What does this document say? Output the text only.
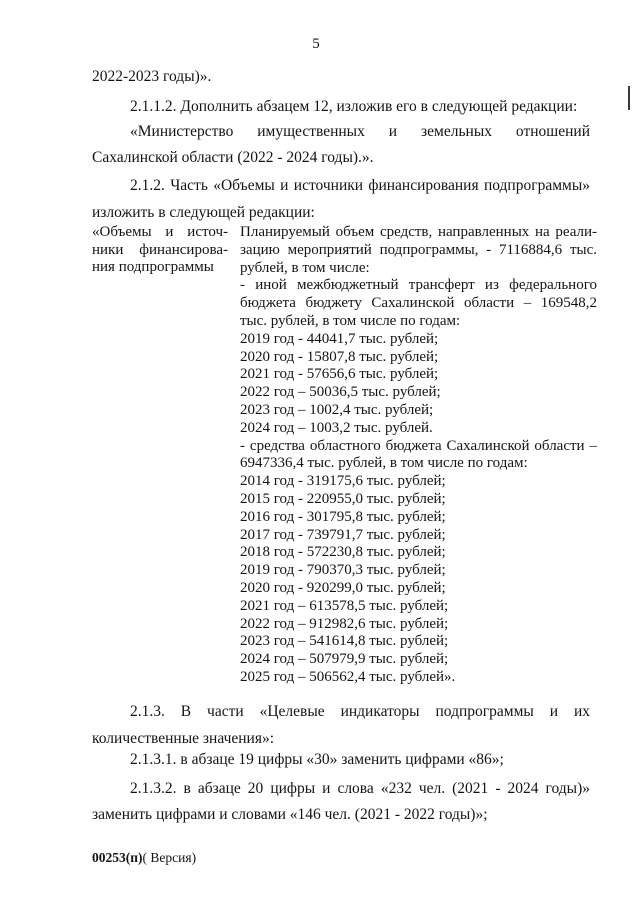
5

2022-2023 годы)».

2.1.1.2. Дополнить абзацем 12, изложив его в следующей редакции:

«Министерство имущественных и земельных отношений Сахалинской области (2022 - 2024 годы).».

2.1.2. Часть «Объемы и источники финансирования подпрограммы» изложить в следующей редакции:

«Объемы и источ-
ники финансирова-
ния подпрограммы
Планируемый объем средств, направленных на реали-
зацию мероприятий подпрограммы, - 7116884,6 тыс.
рублей, в том числе:
- иной межбюджетный трансферт из федерального
бюджета бюджету Сахалинской области – 169548,2
тыс. рублей, в том числе по годам:
2019 год - 44041,7 тыс. рублей;
2020 год - 15807,8 тыс. рублей;
2021 год - 57656,6 тыс. рублей;
2022 год – 50036,5 тыс. рублей;
2023 год – 1002,4 тыс. рублей;
2024 год – 1003,2 тыс. рублей.
- средства областного бюджета Сахалинской области –
6947336,4 тыс. рублей, в том числе по годам:
2014 год - 319175,6 тыс. рублей;
2015 год - 220955,0 тыс. рублей;
2016 год - 301795,8 тыс. рублей;
2017 год - 739791,7 тыс. рублей;
2018 год - 572230,8 тыс. рублей;
2019 год - 790370,3 тыс. рублей;
2020 год - 920299,0 тыс. рублей;
2021 год – 613578,5 тыс. рублей;
2022 год – 912982,6 тыс. рублей;
2023 год – 541614,8 тыс. рублей;
2024 год – 507979,9 тыс. рублей;
2025 год – 506562,4 тыс. рублей».

2.1.3. В части «Целевые индикаторы подпрограммы и их количественные значения»:

2.1.3.1. в абзаце 19 цифры «30» заменить цифрами «86»;

2.1.3.2. в абзаце 20 цифры и слова «232 чел. (2021 - 2024 годы)» заменить цифрами и словами «146 чел. (2021 - 2022 годы)»;

00253(п)( Версия)
